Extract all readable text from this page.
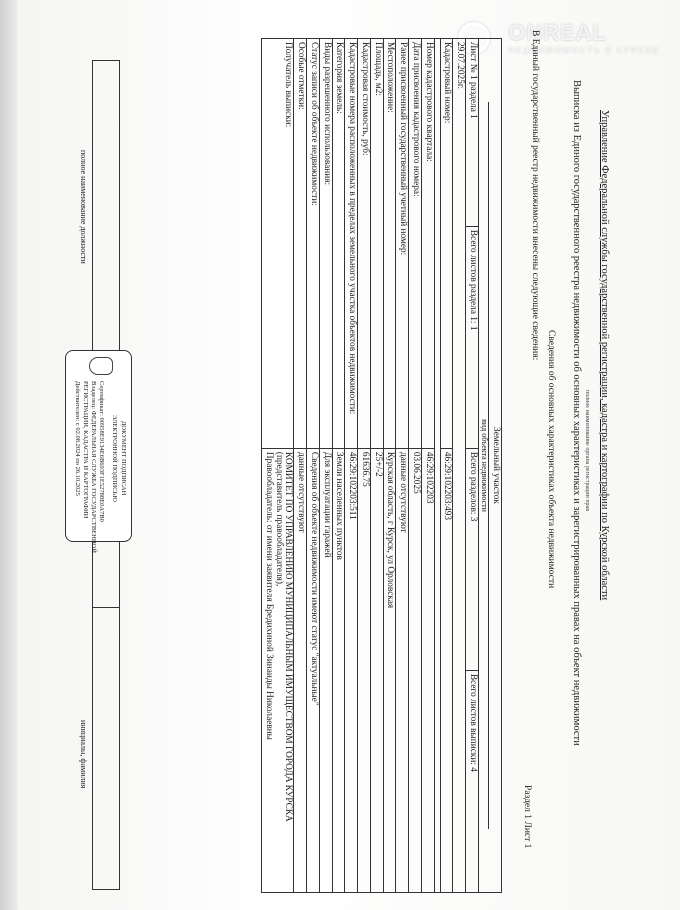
ONREAL
НЕДВИЖИМОСТЬ В КУРСКЕ
Управление Федеральной службы государственной регистрации, кадастра и картографии по Курской области
полное наименование органа регистрации прав
Выписка из Единого государственного реестра недвижимости об основных характеристиках и зарегистрированных правах на объект недвижимости
Сведения об основных характеристиках объекта недвижимости
В Единый государственный реестр недвижимости внесены следующие сведения:
Раздел 1 Лист 1
Земельный участок
вид объекта недвижимости			

Лист № 1 раздела 1	Всего листов раздела 1: 1	Всего разделов: 3	Всего листов выписки: 4
29.07.2025г.			
Кадастровый номер:		46:29:102203:493	

Номер кадастрового квартала:		46:29:102203	
Дата присвоения кадастрового номера:		03.06.2025	
Ранее присвоенный государственный учетный номер:		данные отсутствуют	
Местоположение:		Курская область, г Курск, ул Орловская	
Площадь, м2:		25+/-2	
Кадастровая стоимость, руб:		61636.75	
Кадастровые номера расположенных в пределах земельного участка объектов недвижимости:		46:29:102203:511	
Категория земель:		Земли населенных пунктов	
Виды разрешенного использования:		Для эксплуатации гаражей	
Статус записи об объекте недвижимости:		Сведения об объекте недвижимости имеют статус "актуальные"	
Особые отметки:		данные отсутствуют	
Получатель выписки:		КОМИТЕТ ПО УПРАВЛЕНИЮ МУНИЦИПАЛЬНЫМ ИМУЩЕСТВОМ ГОРОДА КУРСКА
(представитель правообладателя),
Правообладатель: от имени заявителя Бредихиной Зинаиды Николаевны	

полное наименование должности
инициалы, фамилия
ДОКУМЕНТ ПОДПИСАН
ЭЛЕКТРОННОЙ ПОДПИСЬЮ
Сертификат: 00958E9134E6B693F1E52788E0A7B0
Владелец: ФЕДЕРАЛЬНАЯ СЛУЖБА ГОСУДАРСТВЕННОЙ
РЕГИСТРАЦИИ, КАДАСТРА И КАРТОГРАФИИ
Действителен: с 02.08.2024 по 26.10.2025
